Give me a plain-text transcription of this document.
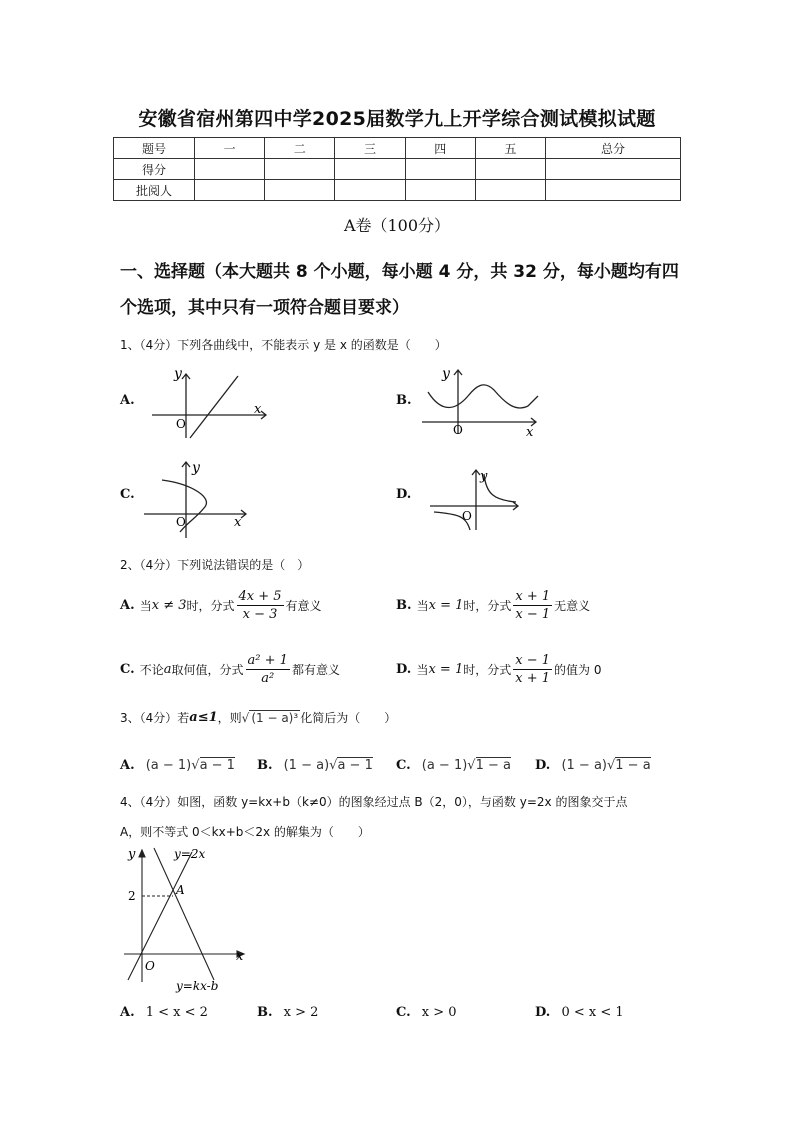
安徽省宿州第四中学2025届数学九上开学综合测试模拟试题
题号	一	二	三	四	五	总分
得分						
批阅人						
A卷（100分）
一、选择题（本大题共 8 个小题，每小题 4 分，共 32 分，每小题均有四个选项，其中只有一项符合题目要求）
1、（4分）下列各曲线中，不能表示 y 是 x 的函数是（　　）
A.
y
x
O
B.
y
x
O
C.
y
x
O
D.
y
O
2、（4分）下列说法错误的是（　）
A.
当 x ≠ 3 时，分式 $\frac{4x + 5}{x - 3}$ 有意义	B.
当 x = 1 时，分式 $\frac{x + 1}{x - 1}$ 无意义
C.
不论 a 取何值，分式 $\frac{\text{a² + 1}}{\text{a²}}$ 都有意义	D.
当 x = 1 时，分式 $\frac{x - 1}{x + 1}$ 的值为 0
3、（4分）若 a≤1 ，则 √ (1 − a)³ 化简后为（　　）
A. (a − 1)√a − 1 B. (1 − a)√a − 1 C. (a − 1)√1 − a D. (1 − a)√1 − a
4、（4分）如图，函数 y=kx+b（k≠0）的图象经过点 B（2，0），与函数 y=2x 的图象交于点
A，则不等式 0＜kx+b＜2x 的解集为（　　）
y
x
O
2	A
y=2x
y=kx-b
A. 1 < x < 2	B. x > 2	C. x > 0	D. 0 < x < 1
